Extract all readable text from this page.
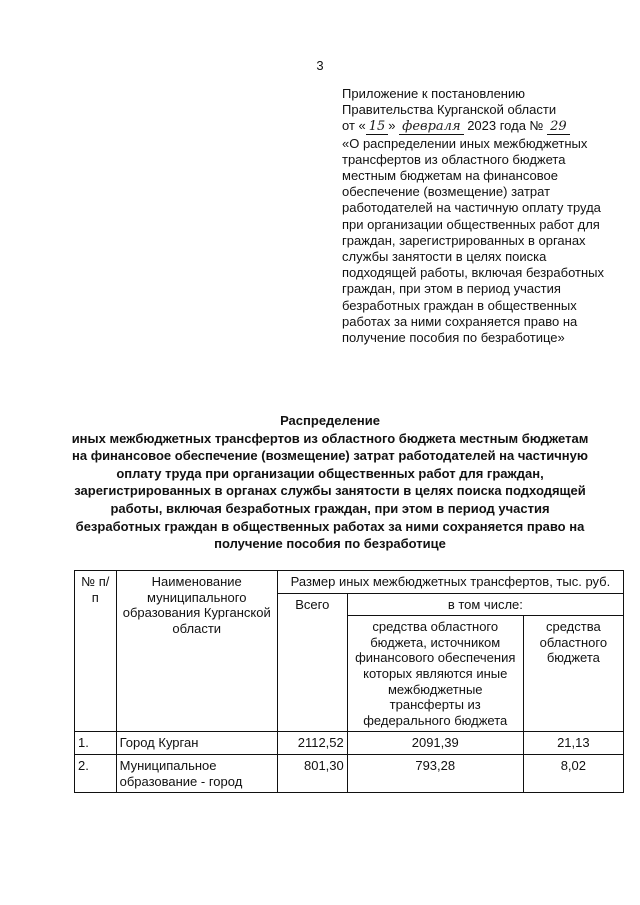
3
Приложение к постановлению
Правительства Курганской области
от « 15 » февраля 2023 года № 29

«О распределении иных межбюджетных трансфертов из областного бюджета местным бюджетам на финансовое обеспечение (возмещение) затрат работодателей на частичную оплату труда при организации общественных работ для граждан, зарегистрированных в органах службы занятости в целях поиска подходящей работы, включая безработных граждан, при этом в период участия безработных граждан в общественных работах за ними сохраняется право на получение пособия по безработице»

Распределение
иных межбюджетных трансфертов из областного бюджета местным бюджетам на финансовое обеспечение (возмещение) затрат работодателей на частичную оплату труда при организации общественных работ для граждан, зарегистрированных в органах службы занятости в целях поиска подходящей работы, включая безработных граждан, при этом в период участия безработных граждан в общественных работах за ними сохраняется право на получение пособия по безработице
№ п/п	Наименование муниципального образования Курганской области	Размер иных межбюджетных трансфертов, тыс. руб.		
		Всего	в том числе:	
			средства областного бюджета, источником финансового обеспечения которых являются иные межбюджетные трансферты из федерального бюджета	средства областного бюджета
1.	Город Курган	2112,52	2091,39	21,13
2.	Муниципальное образование - город	801,30	793,28	8,02
